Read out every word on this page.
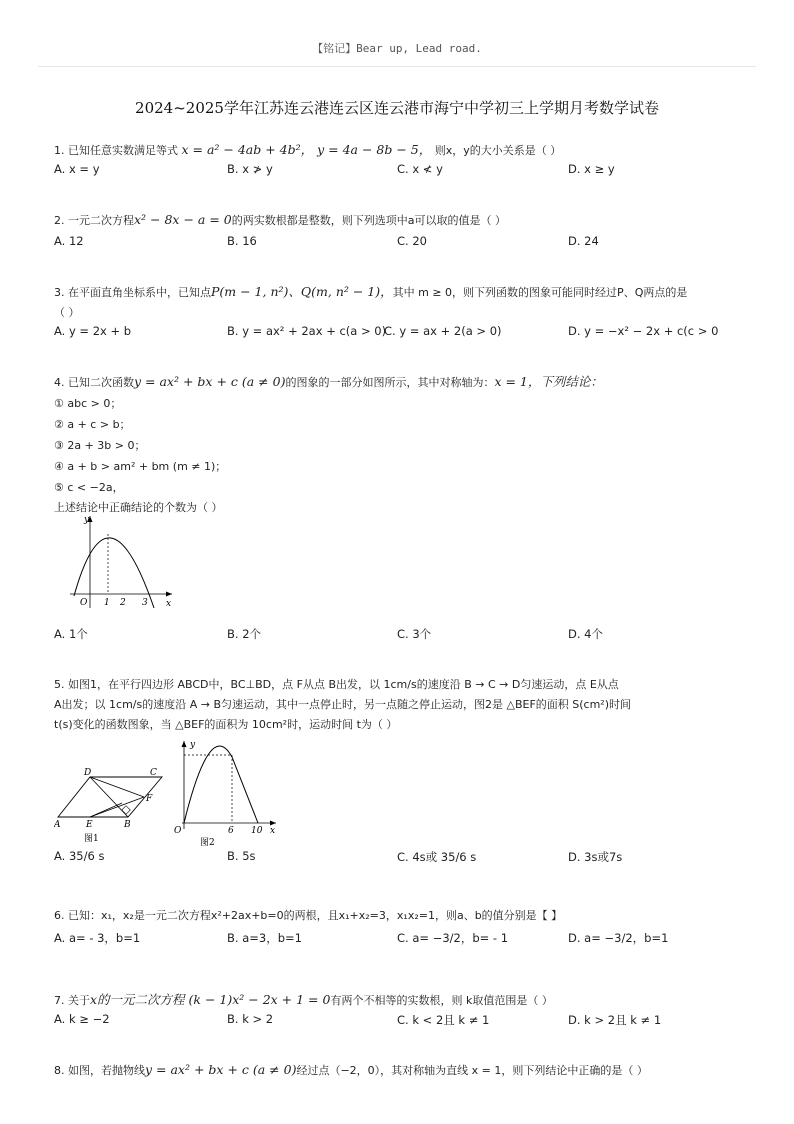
【铭记】Bear up, Lead road.
2024~2025学年江苏连云港连云区连云港市海宁中学初三上学期月考数学试卷
1. 已知任意实数满足等式 x = a² − 4ab + 4b²， y = 4a − 8b − 5， 则x，y的大小关系是（ ）
A. x = y	B. x ≯ y	C. x ≮ y	D. x ≥ y
2. 一元二次方程x² − 8x − a = 0的两实数根都是整数，则下列选项中a可以取的值是（ ）
A. 12	B. 16	C. 20	D. 24
3. 在平面直角坐标系中，已知点P(m − 1, n²)、Q(m, n² − 1)，其中 m ≥ 0，则下列函数的图象可能同时经过P、Q两点的是
（ ）
A. y = 2x + b	B. y = ax² + 2ax + c(a > 0)
C. y = ax + 2(a > 0)	D. y = −x² − 2x + c(c > 0
4. 已知二次函数y = ax² + bx + c (a ≠ 0)的图象的一部分如图所示，其中对称轴为：x = 1，下列结论：
① abc > 0；
② a + c > b；
③ 2a + 3b > 0；
④ a + b > am² + bm (m ≠ 1)；
⑤ c < −2a，
上述结论中正确结论的个数为（ ）
y
O 1 2 3 x
A. 1个	B. 2个	C. 3个	D. 4个
5. 如图1，在平行四边形 ABCD中，BC⊥BD，点 F从点 B出发，以 1cm/s的速度沿 B → C → D匀速运动，点 E从点
A出发；以 1cm/s的速度沿 A → B匀速运动，其中一点停止时，另一点随之停止运动，图2是 △BEF的面积 S(cm²)时间
t(s)变化的函数图象，当 △BEF的面积为 10cm²时，运动时间 t为（ ）
D	C
F
A	E	B
图1
y
O	6 10 x
图2
A. 35/6 s	B. 5s	C. 4s或 35/6 s	D. 3s或7s
6. 已知：x₁，x₂是一元二次方程x²+2ax+b=0的两根，且x₁+x₂=3，x₁x₂=1，则a、b的值分别是【 】
A. a= - 3，b=1	B. a=3，b=1	C. a= −3/2，b= - 1	D. a= −3/2，b=1
7. 关于x的一元二次方程 (k − 1)x² − 2x + 1 = 0有两个不相等的实数根，则 k取值范围是（ ）
A. k ≥ −2	B. k > 2	C. k < 2且 k ≠ 1	D. k > 2且 k ≠ 1
8. 如图，若抛物线y = ax² + bx + c (a ≠ 0)经过点（−2，0），其对称轴为直线 x = 1，则下列结论中正确的是（ ）
